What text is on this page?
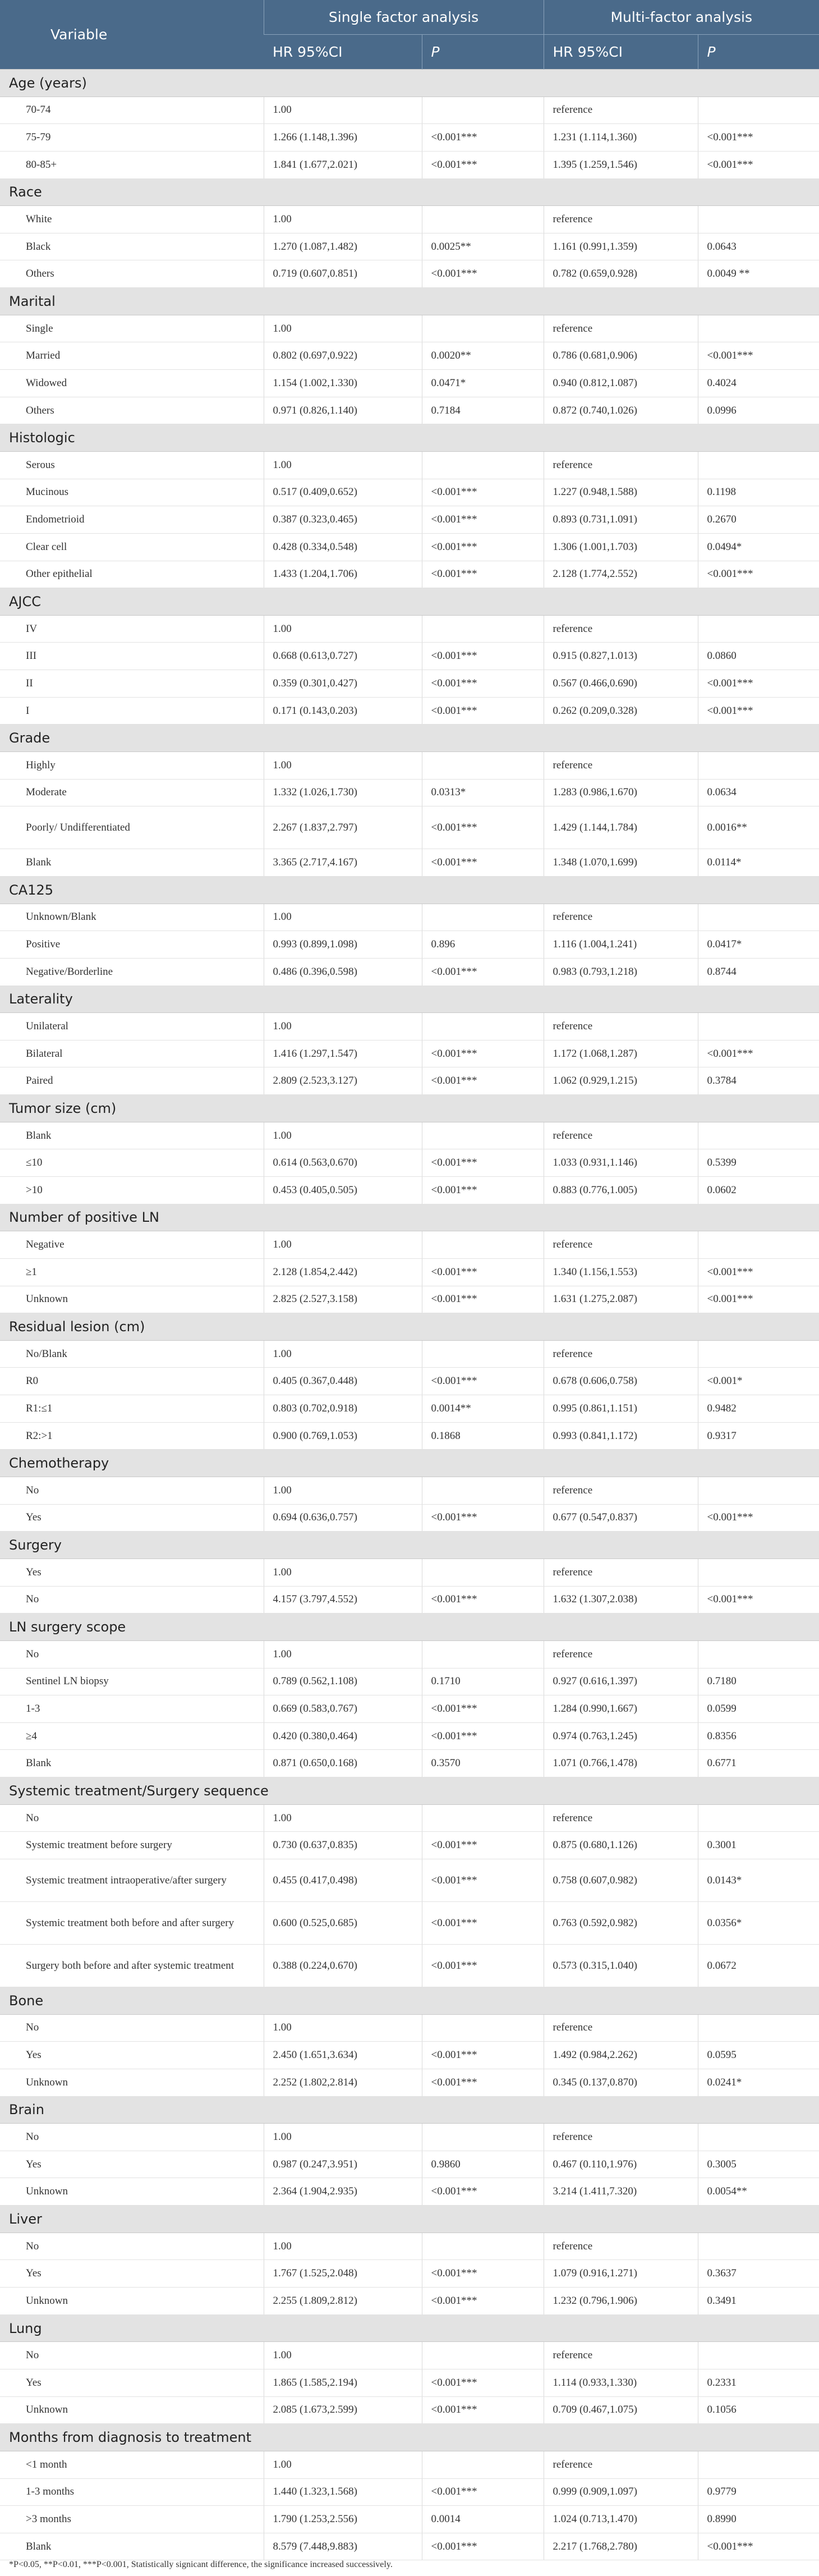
Variable	Single factor analysis		Multi-factor analysis	
	HR 95%CI	P	HR 95%CI	P
Age (years)				
70-74	1.00		reference	
75-79	1.266 (1.148,1.396)	<0.001***	1.231 (1.114,1.360)	<0.001***
80-85+	1.841 (1.677,2.021)	<0.001***	1.395 (1.259,1.546)	<0.001***
Race				
White	1.00		reference	
Black	1.270 (1.087,1.482)	0.0025**	1.161 (0.991,1.359)	0.0643
Others	0.719 (0.607,0.851)	<0.001***	0.782 (0.659,0.928)	0.0049 **
Marital				
Single	1.00		reference	
Married	0.802 (0.697,0.922)	0.0020**	0.786 (0.681,0.906)	<0.001***
Widowed	1.154 (1.002,1.330)	0.0471*	0.940 (0.812,1.087)	0.4024
Others	0.971 (0.826,1.140)	0.7184	0.872 (0.740,1.026)	0.0996
Histologic				
Serous	1.00		reference	
Mucinous	0.517 (0.409,0.652)	<0.001***	1.227 (0.948,1.588)	0.1198
Endometrioid	0.387 (0.323,0.465)	<0.001***	0.893 (0.731,1.091)	0.2670
Clear cell	0.428 (0.334,0.548)	<0.001***	1.306 (1.001,1.703)	0.0494*
Other epithelial	1.433 (1.204,1.706)	<0.001***	2.128 (1.774,2.552)	<0.001***
AJCC				
IV	1.00		reference	
III	0.668 (0.613,0.727)	<0.001***	0.915 (0.827,1.013)	0.0860
II	0.359 (0.301,0.427)	<0.001***	0.567 (0.466,0.690)	<0.001***
I	0.171 (0.143,0.203)	<0.001***	0.262 (0.209,0.328)	<0.001***
Grade				
Highly	1.00		reference	
Moderate	1.332 (1.026,1.730)	0.0313*	1.283 (0.986,1.670)	0.0634
Poorly/ Undifferentiated	2.267 (1.837,2.797)	<0.001***	1.429 (1.144,1.784)	0.0016**
Blank	3.365 (2.717,4.167)	<0.001***	1.348 (1.070,1.699)	0.0114*
CA125				
Unknown/Blank	1.00		reference	
Positive	0.993 (0.899,1.098)	0.896	1.116 (1.004,1.241)	0.0417*
Negative/Borderline	0.486 (0.396,0.598)	<0.001***	0.983 (0.793,1.218)	0.8744
Laterality				
Unilateral	1.00		reference	
Bilateral	1.416 (1.297,1.547)	<0.001***	1.172 (1.068,1.287)	<0.001***
Paired	2.809 (2.523,3.127)	<0.001***	1.062 (0.929,1.215)	0.3784
Tumor size (cm)				
Blank	1.00		reference	
≤10	0.614 (0.563,0.670)	<0.001***	1.033 (0.931,1.146)	0.5399
>10	0.453 (0.405,0.505)	<0.001***	0.883 (0.776,1.005)	0.0602
Number of positive LN				
Negative	1.00		reference	
≥1	2.128 (1.854,2.442)	<0.001***	1.340 (1.156,1.553)	<0.001***
Unknown	2.825 (2.527,3.158)	<0.001***	1.631 (1.275,2.087)	<0.001***
Residual lesion (cm)				
No/Blank	1.00		reference	
R0	0.405 (0.367,0.448)	<0.001***	0.678 (0.606,0.758)	<0.001*
R1:≤1	0.803 (0.702,0.918)	0.0014**	0.995 (0.861,1.151)	0.9482
R2:>1	0.900 (0.769,1.053)	0.1868	0.993 (0.841,1.172)	0.9317
Chemotherapy				
No	1.00		reference	
Yes	0.694 (0.636,0.757)	<0.001***	0.677 (0.547,0.837)	<0.001***
Surgery				
Yes	1.00		reference	
No	4.157 (3.797,4.552)	<0.001***	1.632 (1.307,2.038)	<0.001***
LN surgery scope				
No	1.00		reference	
Sentinel LN biopsy	0.789 (0.562,1.108)	0.1710	0.927 (0.616,1.397)	0.7180
1-3	0.669 (0.583,0.767)	<0.001***	1.284 (0.990,1.667)	0.0599
≥4	0.420 (0.380,0.464)	<0.001***	0.974 (0.763,1.245)	0.8356
Blank	0.871 (0.650,0.168)	0.3570	1.071 (0.766,1.478)	0.6771
Systemic treatment/Surgery sequence				
No	1.00		reference	
Systemic treatment before surgery	0.730 (0.637,0.835)	<0.001***	0.875 (0.680,1.126)	0.3001
Systemic treatment intraoperative/after surgery	0.455 (0.417,0.498)	<0.001***	0.758 (0.607,0.982)	0.0143*
Systemic treatment both before and after surgery	0.600 (0.525,0.685)	<0.001***	0.763 (0.592,0.982)	0.0356*
Surgery both before and after systemic treatment	0.388 (0.224,0.670)	<0.001***	0.573 (0.315,1.040)	0.0672
Bone				
No	1.00		reference	
Yes	2.450 (1.651,3.634)	<0.001***	1.492 (0.984,2.262)	0.0595
Unknown	2.252 (1.802,2.814)	<0.001***	0.345 (0.137,0.870)	0.0241*
Brain				
No	1.00		reference	
Yes	0.987 (0.247,3.951)	0.9860	0.467 (0.110,1.976)	0.3005
Unknown	2.364 (1.904,2.935)	<0.001***	3.214 (1.411,7.320)	0.0054**
Liver				
No	1.00		reference	
Yes	1.767 (1.525,2.048)	<0.001***	1.079 (0.916,1.271)	0.3637
Unknown	2.255 (1.809,2.812)	<0.001***	1.232 (0.796,1.906)	0.3491
Lung				
No	1.00		reference	
Yes	1.865 (1.585,2.194)	<0.001***	1.114 (0.933,1.330)	0.2331
Unknown	2.085 (1.673,2.599)	<0.001***	0.709 (0.467,1.075)	0.1056
Months from diagnosis to treatment				
<1 month	1.00		reference	
1-3 months	1.440 (1.323,1.568)	<0.001***	0.999 (0.909,1.097)	0.9779
>3 months	1.790 (1.253,2.556)	0.0014	1.024 (0.713,1.470)	0.8990
Blank	8.579 (7.448,9.883)	<0.001***	2.217 (1.768,2.780)	<0.001***
*P<0.05, **P<0.01, ***P<0.001, Statistically signicant difference, the significance increased successively.
